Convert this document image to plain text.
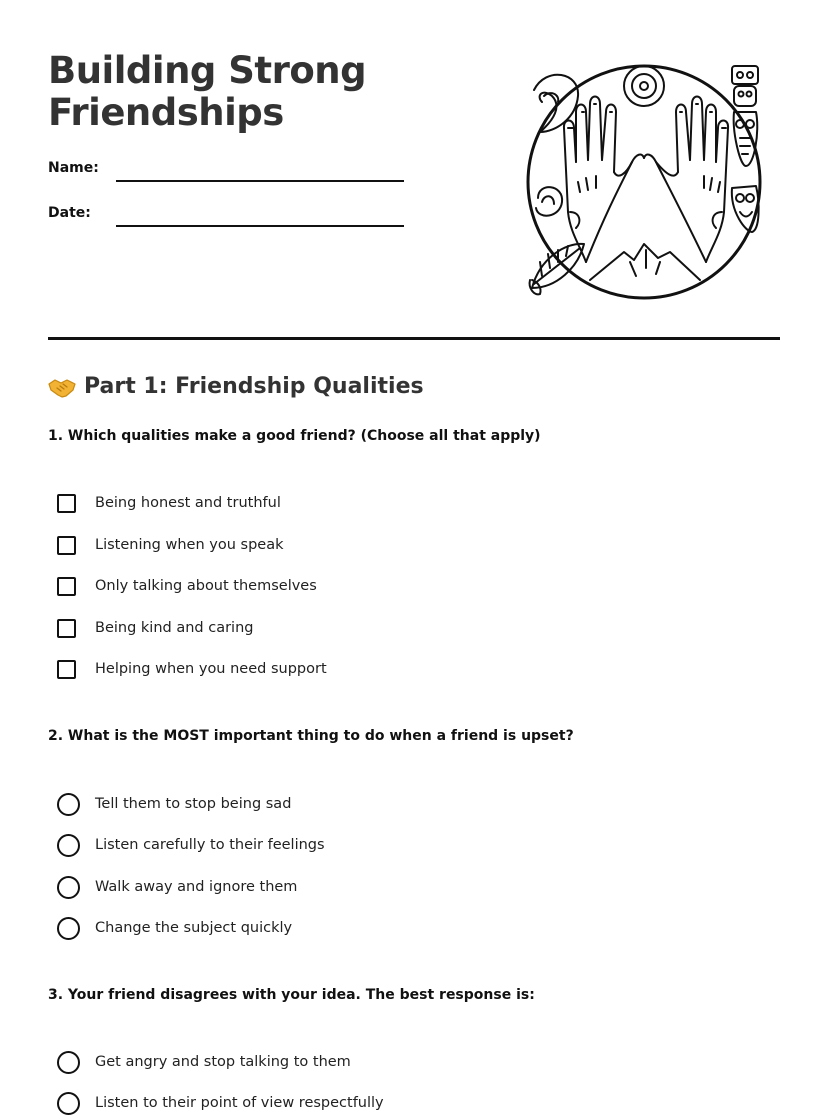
Building Strong
Friendships
Name:
Date:
Part 1: Friendship Qualities

1. Which qualities make a good friend? (Choose all that apply)

Being honest and truthful
Listening when you speak
Only talking about themselves
Being kind and caring
Helping when you need support

2. What is the MOST important thing to do when a friend is upset?

Tell them to stop being sad
Listen carefully to their feelings
Walk away and ignore them
Change the subject quickly

3. Your friend disagrees with your idea. The best response is:

Get angry and stop talking to them
Listen to their point of view respectfully
